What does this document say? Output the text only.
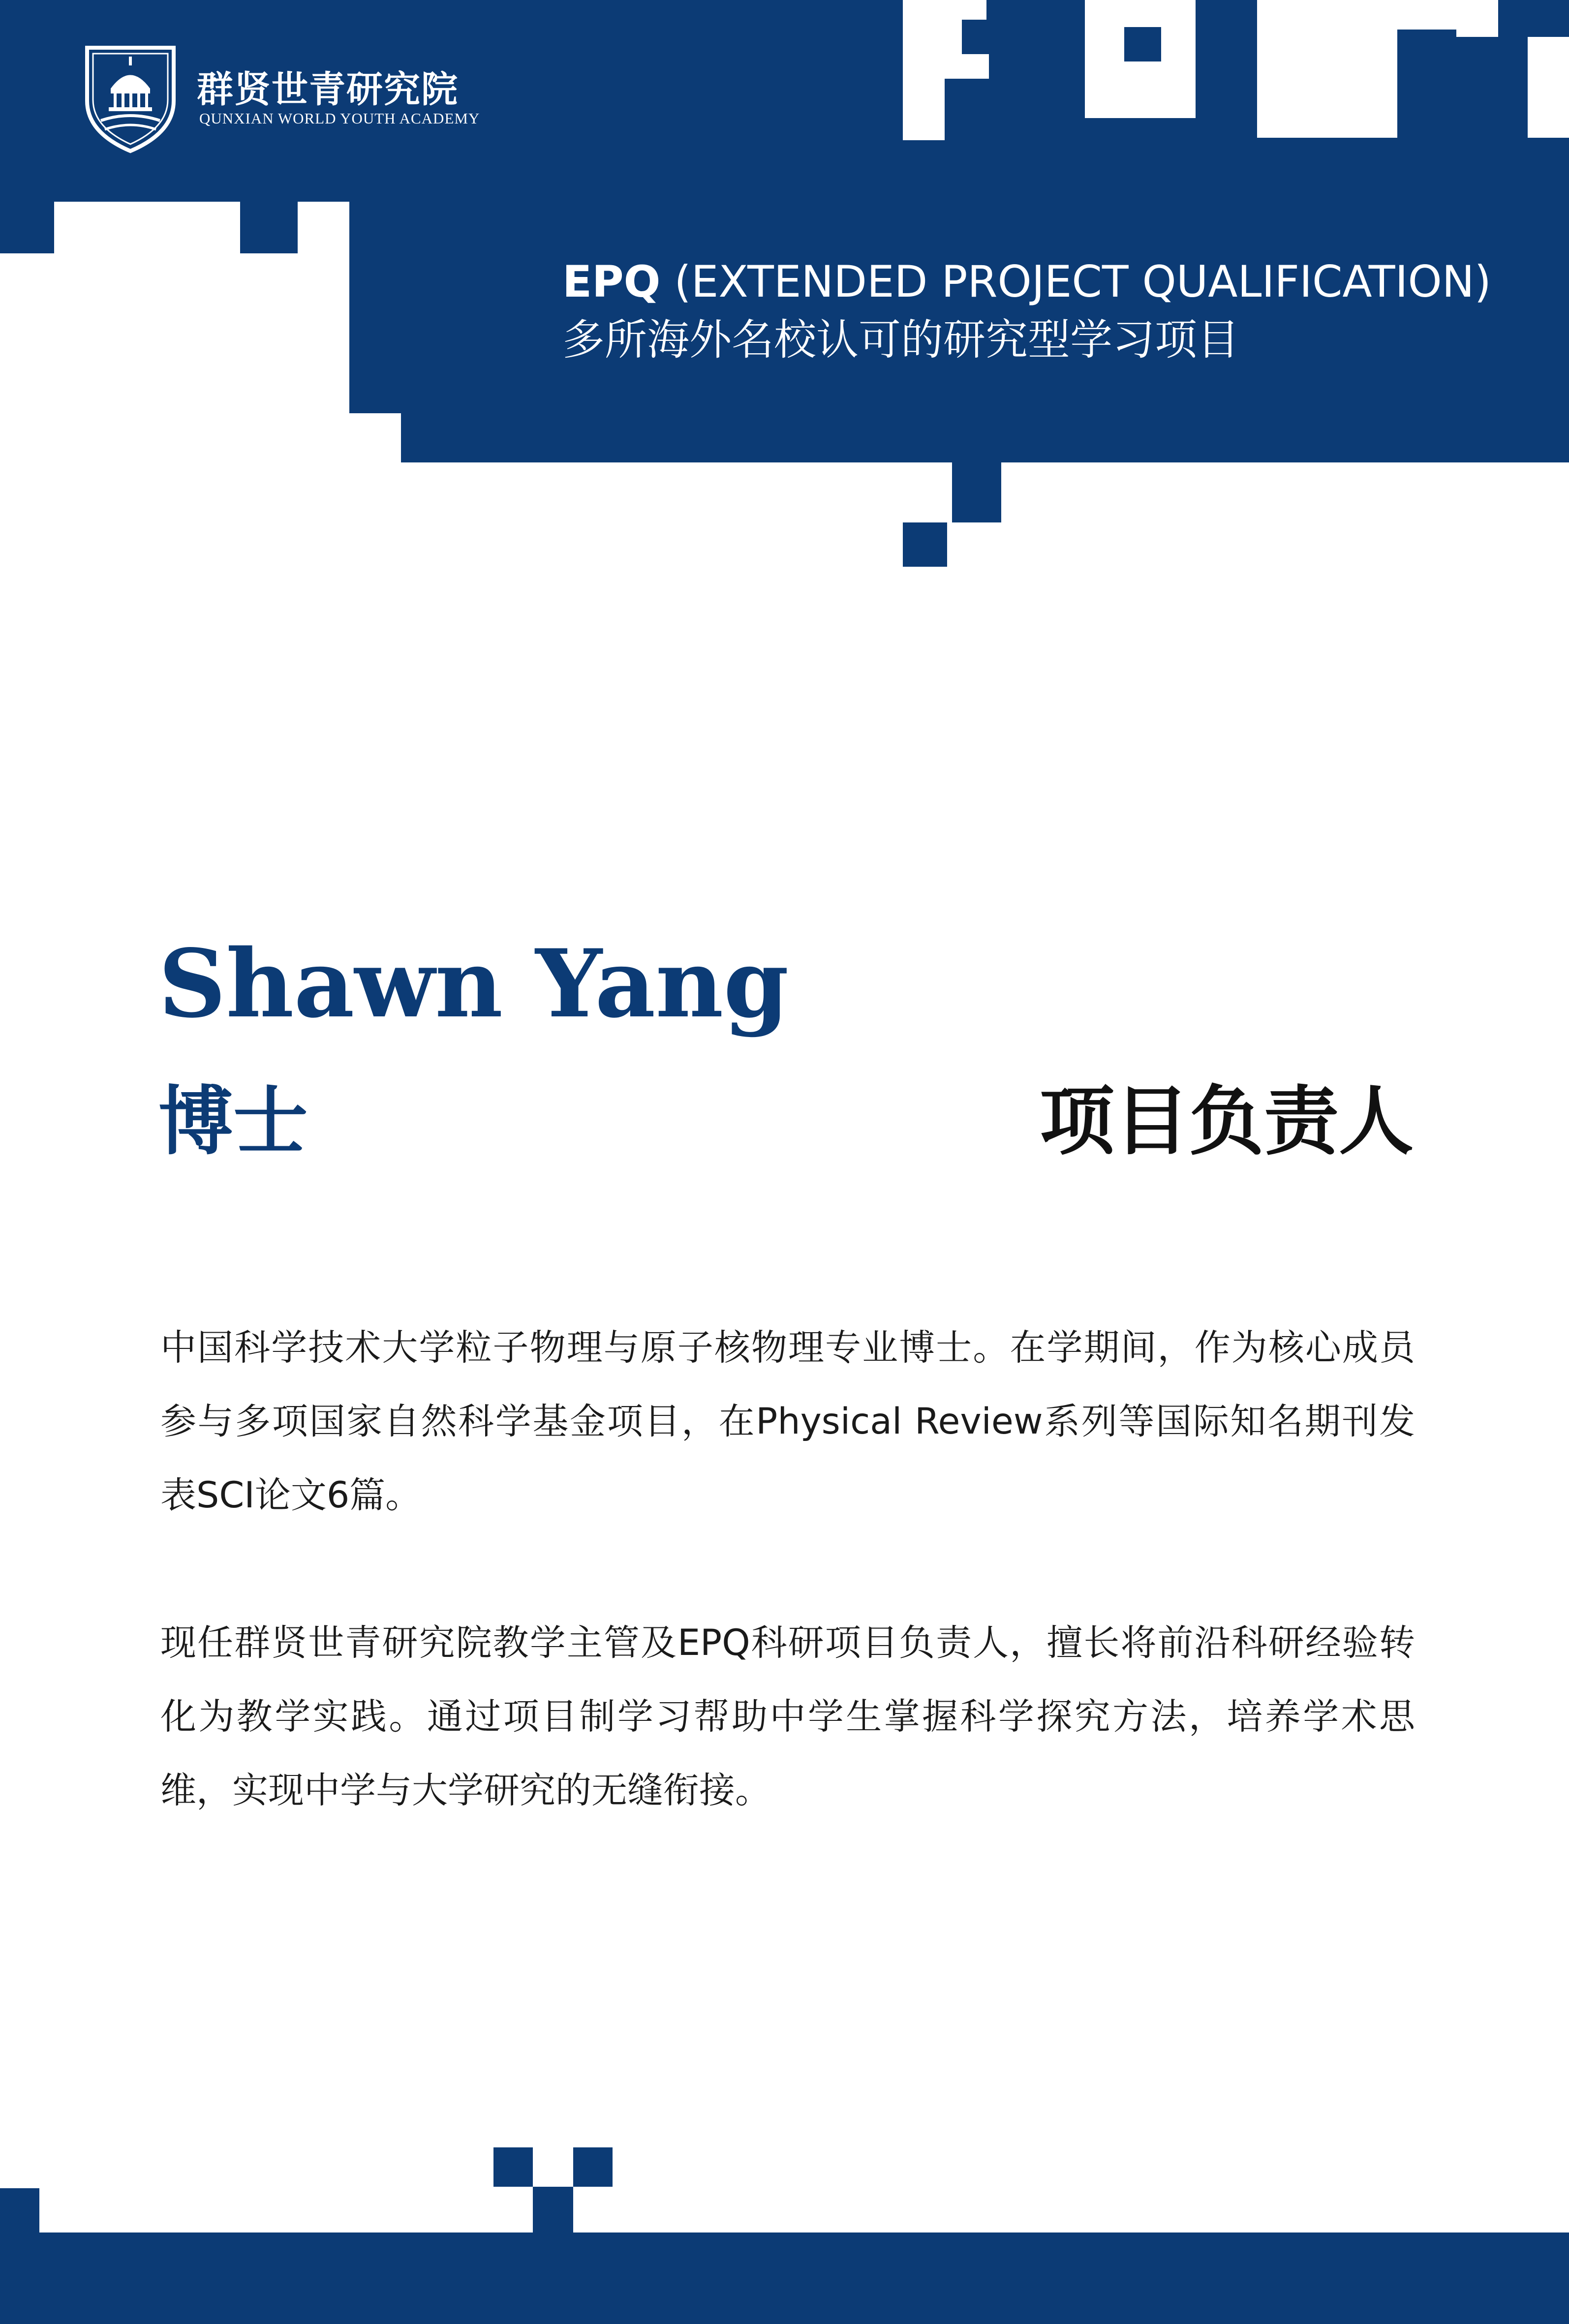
群贤世青研究院
QUNXIAN WORLD YOUTH ACADEMY
EPQ (EXTENDED PROJECT QUALIFICATION)
多所海外名校认可的研究型学习项目
Shawn Yang
博士	项目负责人
中国科学技术大学粒子物理与原子核物理专业博士。在学期间，作为核心成员参与多项国家自然科学基金项目，在Physical Review系列等国际知名期刊发表SCI论文6篇。
现任群贤世青研究院教学主管及EPQ科研项目负责人，擅长将前沿科研经验转化为教学实践。通过项目制学习帮助中学生掌握科学探究方法，培养学术思维，实现中学与大学研究的无缝衔接。
